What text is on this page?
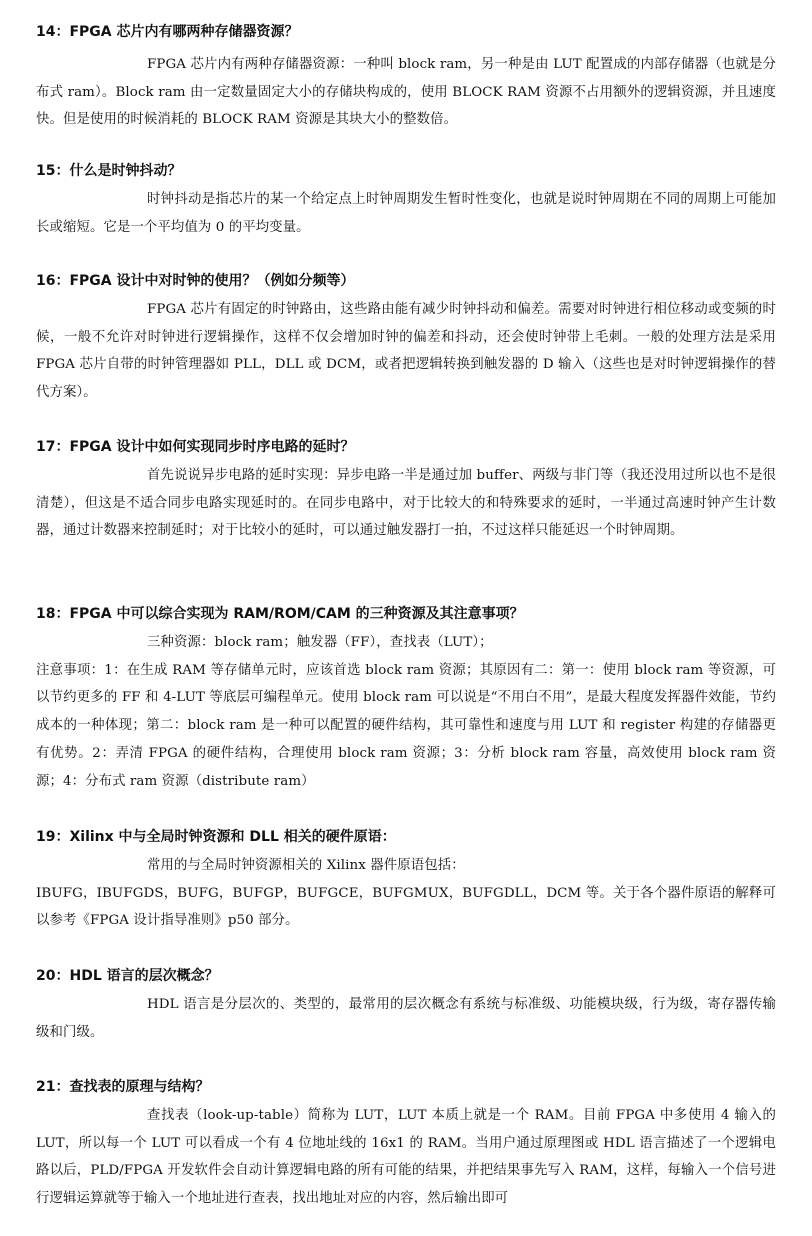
14：FPGA 芯片内有哪两种存储器资源？

FPGA 芯片内有两种存储器资源：一种叫 block ram，另一种是由 LUT 配置成的内部存储器（也就是分布式 ram）。Block ram 由一定数量固定大小的存储块构成的，使用 BLOCK RAM 资源不占用额外的逻辑资源，并且速度快。但是使用的时候消耗的 BLOCK RAM 资源是其块大小的整数倍。

15：什么是时钟抖动？

时钟抖动是指芯片的某一个给定点上时钟周期发生暂时性变化，也就是说时钟周期在不同的周期上可能加长或缩短。它是一个平均值为 0 的平均变量。

16：FPGA 设计中对时钟的使用？（例如分频等）

FPGA 芯片有固定的时钟路由，这些路由能有减少时钟抖动和偏差。需要对时钟进行相位移动或变频的时候，一般不允许对时钟进行逻辑操作，这样不仅会增加时钟的偏差和抖动，还会使时钟带上毛刺。一般的处理方法是采用 FPGA 芯片自带的时钟管理器如 PLL，DLL 或 DCM，或者把逻辑转换到触发器的 D 输入（这些也是对时钟逻辑操作的替代方案）。

17：FPGA 设计中如何实现同步时序电路的延时？

首先说说异步电路的延时实现：异步电路一半是通过加 buffer、两级与非门等（我还没用过所以也不是很清楚），但这是不适合同步电路实现延时的。在同步电路中，对于比较大的和特殊要求的延时，一半通过高速时钟产生计数器，通过计数器来控制延时；对于比较小的延时，可以通过触发器打一拍，不过这样只能延迟一个时钟周期。

18：FPGA 中可以综合实现为 RAM/ROM/CAM 的三种资源及其注意事项？

三种资源：block ram；触发器（FF），查找表（LUT）；

注意事项：1：在生成 RAM 等存储单元时，应该首选 block ram 资源；其原因有二：第一：使用 block ram 等资源，可以节约更多的 FF 和 4-LUT 等底层可编程单元。使用 block ram 可以说是“不用白不用”，是最大程度发挥器件效能，节约成本的一种体现；第二：block ram 是一种可以配置的硬件结构，其可靠性和速度与用 LUT 和 register 构建的存储器更有优势。2：弄清 FPGA 的硬件结构，合理使用 block ram 资源；3：分析 block ram 容量，高效使用 block ram 资源；4：分布式 ram 资源（distribute ram）

19：Xilinx 中与全局时钟资源和 DLL 相关的硬件原语：

常用的与全局时钟资源相关的 Xilinx 器件原语包括：

IBUFG，IBUFGDS，BUFG，BUFGP，BUFGCE，BUFGMUX，BUFGDLL，DCM 等。关于各个器件原语的解释可以参考《FPGA 设计指导准则》p50 部分。

20：HDL 语言的层次概念？

HDL 语言是分层次的、类型的，最常用的层次概念有系统与标准级、功能模块级，行为级，寄存器传输级和门级。

21：查找表的原理与结构？

查找表（look-up-table）简称为 LUT，LUT 本质上就是一个 RAM。目前 FPGA 中多使用 4 输入的 LUT，所以每一个 LUT 可以看成一个有 4 位地址线的 16x1 的 RAM。当用户通过原理图或 HDL 语言描述了一个逻辑电路以后，PLD/FPGA 开发软件会自动计算逻辑电路的所有可能的结果，并把结果事先写入 RAM，这样，每输入一个信号进行逻辑运算就等于输入一个地址进行查表，找出地址对应的内容，然后输出即可
